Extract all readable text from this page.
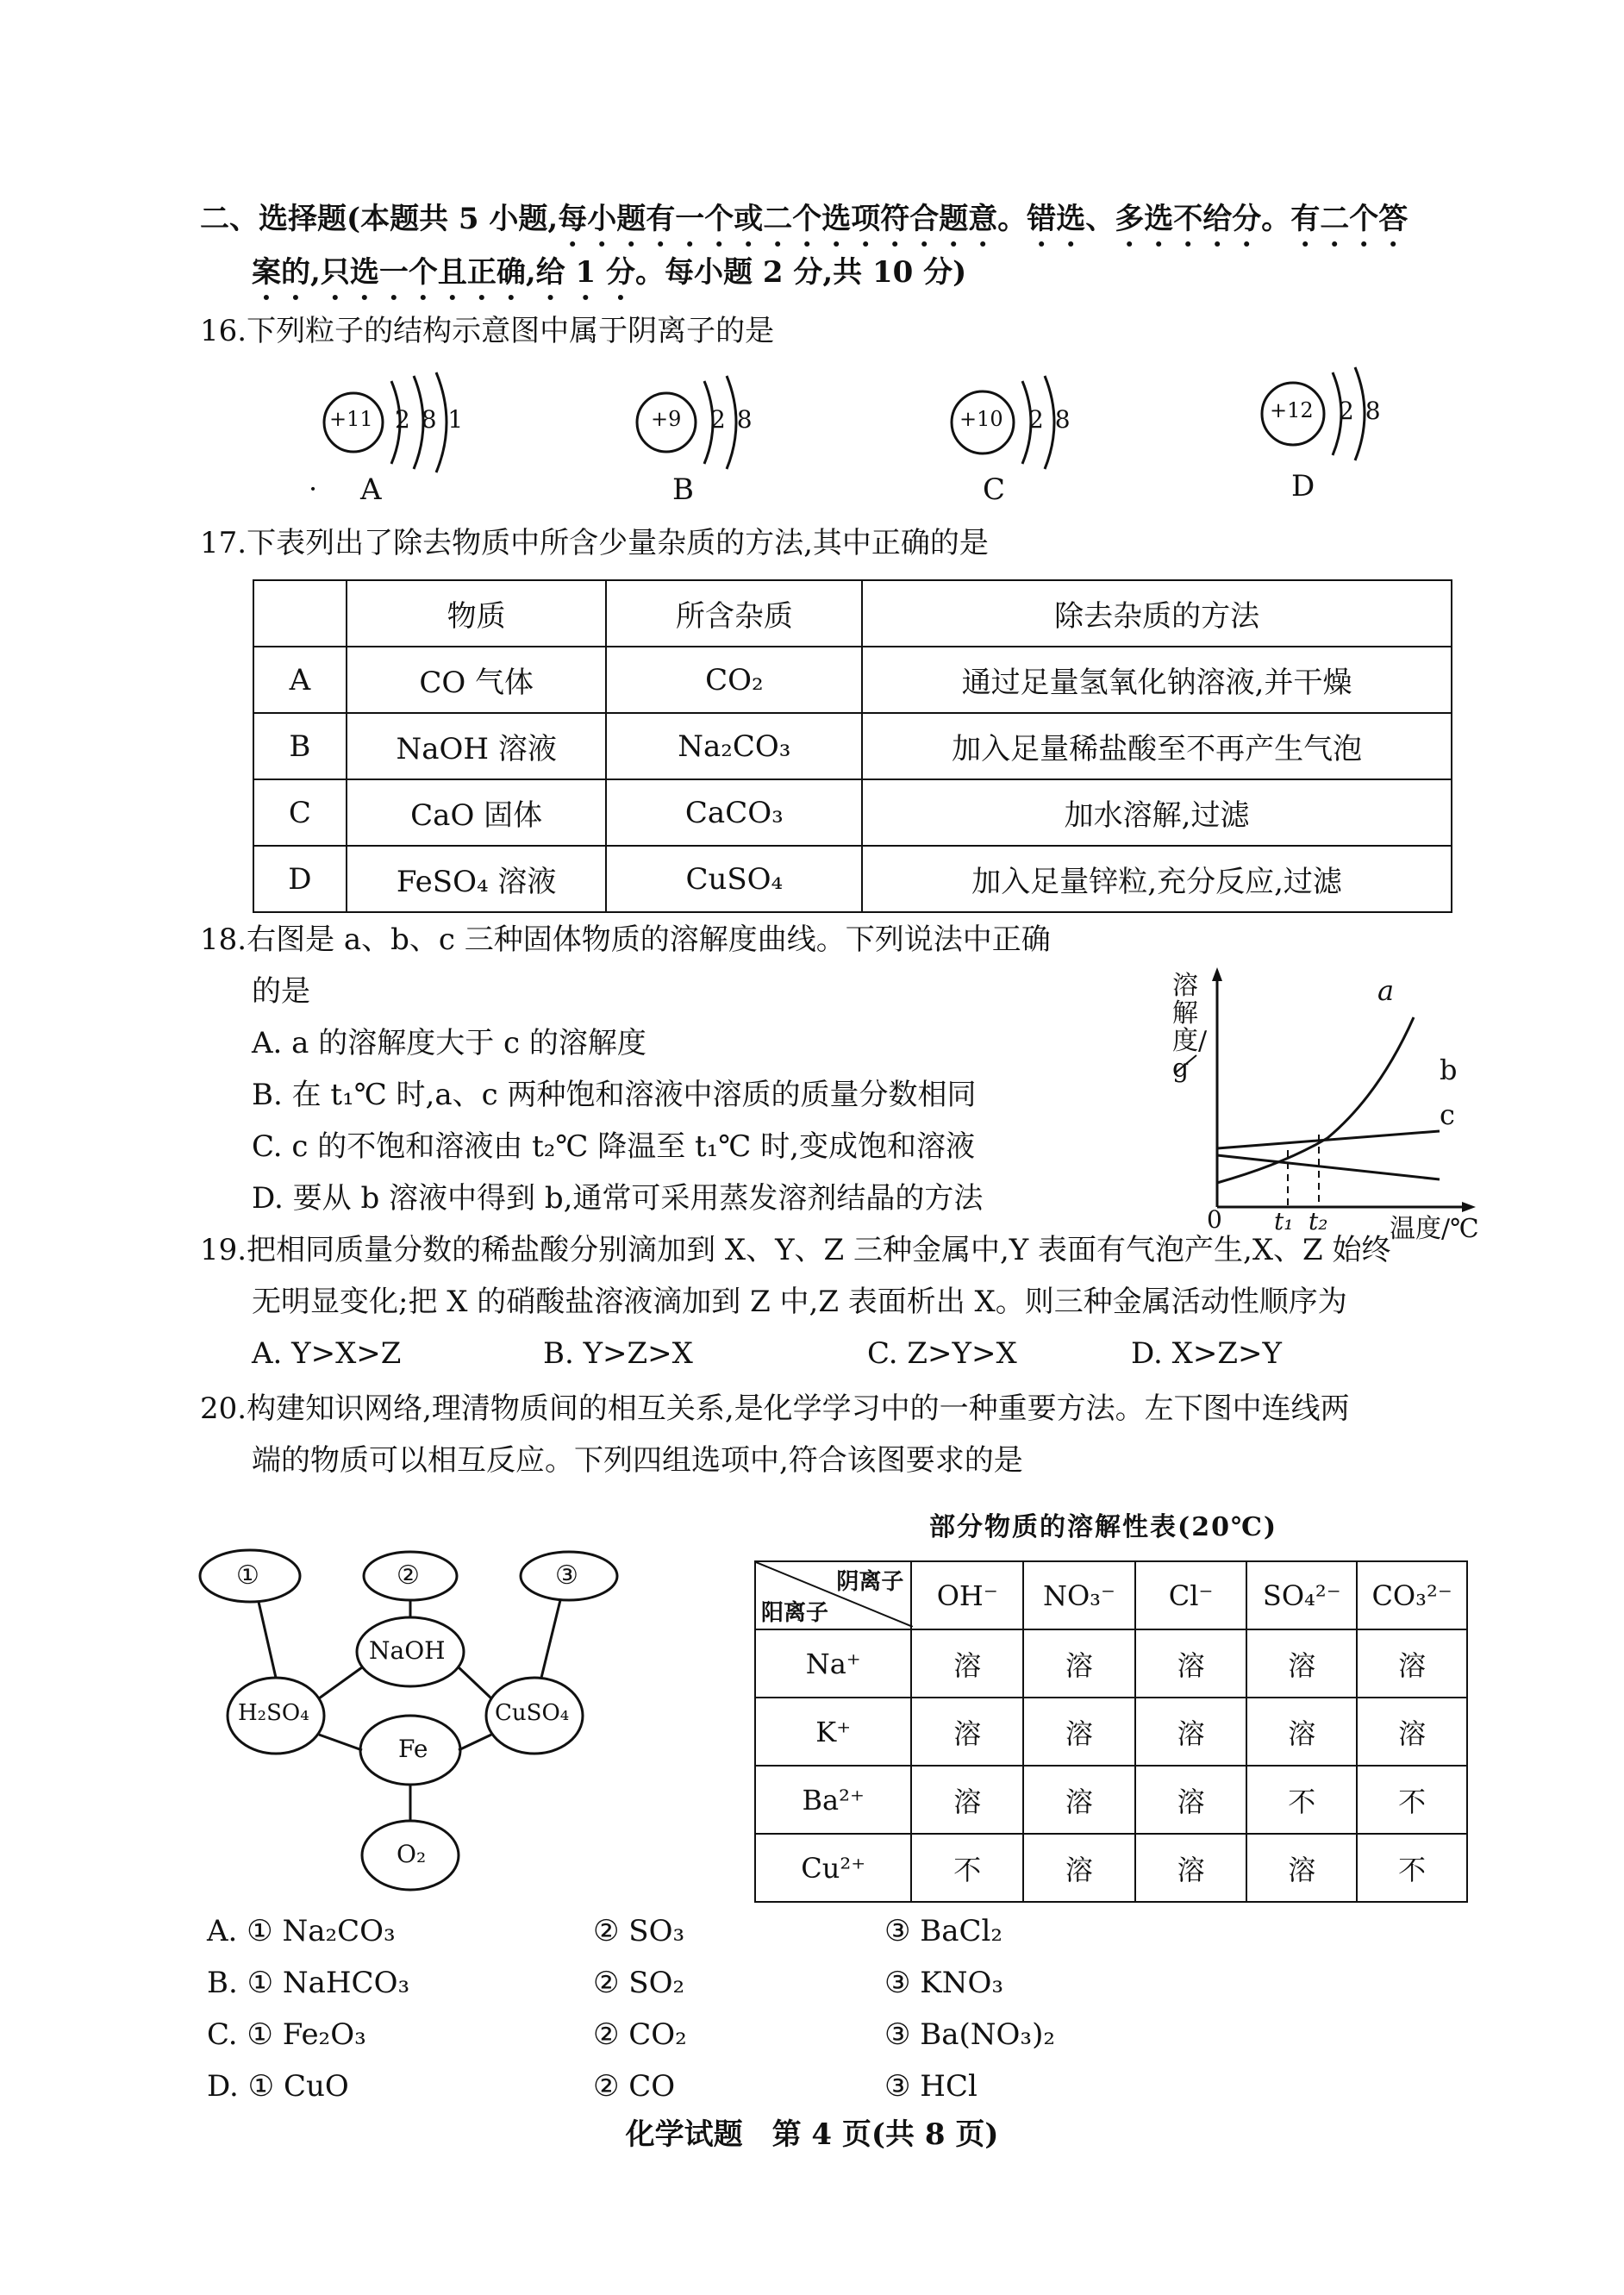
二、选择题(本题共 5 小题,每小题有一个或二个选项符合题意。错选、多选不给分。有二个答
案的,只选一个且正确,给 1 分。每小题 2 分,共 10 分)
16.下列粒子的结构示意图中属于阴离子的是
+11 2 8 1	+9 2 8	+10 2 8	+12 2 8
· A	B	C	D
17.下表列出了除去物质中所含少量杂质的方法,其中正确的是
	物质	所含杂质	除去杂质的方法
A	CO 气体	CO₂	通过足量氢氧化钠溶液,并干燥
B	NaOH 溶液	Na₂CO₃	加入足量稀盐酸至不再产生气泡
C	CaO 固体	CaCO₃	加水溶解,过滤
D	FeSO₄ 溶液	CuSO₄	加入足量锌粒,充分反应,过滤
18.右图是 a、b、c 三种固体物质的溶解度曲线。下列说法中正确
的是
A. a 的溶解度大于 c 的溶解度
B. 在 t₁℃ 时,a、c 两种饱和溶液中溶质的质量分数相同
C. c 的不饱和溶液由 t₂℃ 降温至 t₁℃ 时,变成饱和溶液
D. 要从 b 溶液中得到 b,通常可采用蒸发溶剂结晶的方法
溶解度/g
a
b
c
0 t₁ t₂ 温度/℃
19.把相同质量分数的稀盐酸分别滴加到 X、Y、Z 三种金属中,Y 表面有气泡产生,X、Z 始终
无明显变化;把 X 的硝酸盐溶液滴加到 Z 中,Z 表面析出 X。则三种金属活动性顺序为
A. Y>X>Z	B. Y>Z>X	C. Z>Y>X	D. X>Z>Y
20.构建知识网络,理清物质间的相互关系,是化学学习中的一种重要方法。左下图中连线两
端的物质可以相互反应。下列四组选项中,符合该图要求的是
①	②	③
NaOH
H₂SO₄	CuSO₄
Fe
O₂
部分物质的溶解性表(20℃)
阴离子
阳离子	OH⁻	NO₃⁻	Cl⁻	SO₄²⁻	CO₃²⁻
Na⁺	溶	溶	溶	溶	溶
K⁺	溶	溶	溶	溶	溶
Ba²⁺	溶	溶	溶	不	不
Cu²⁺	不	溶	溶	溶	不
A. ① Na₂CO₃	② SO₃	③ BaCl₂
B. ① NaHCO₃	② SO₂	③ KNO₃
C. ① Fe₂O₃	② CO₂	③ Ba(NO₃)₂
D. ① CuO	② CO	③ HCl
化学试题　第 4 页(共 8 页)
